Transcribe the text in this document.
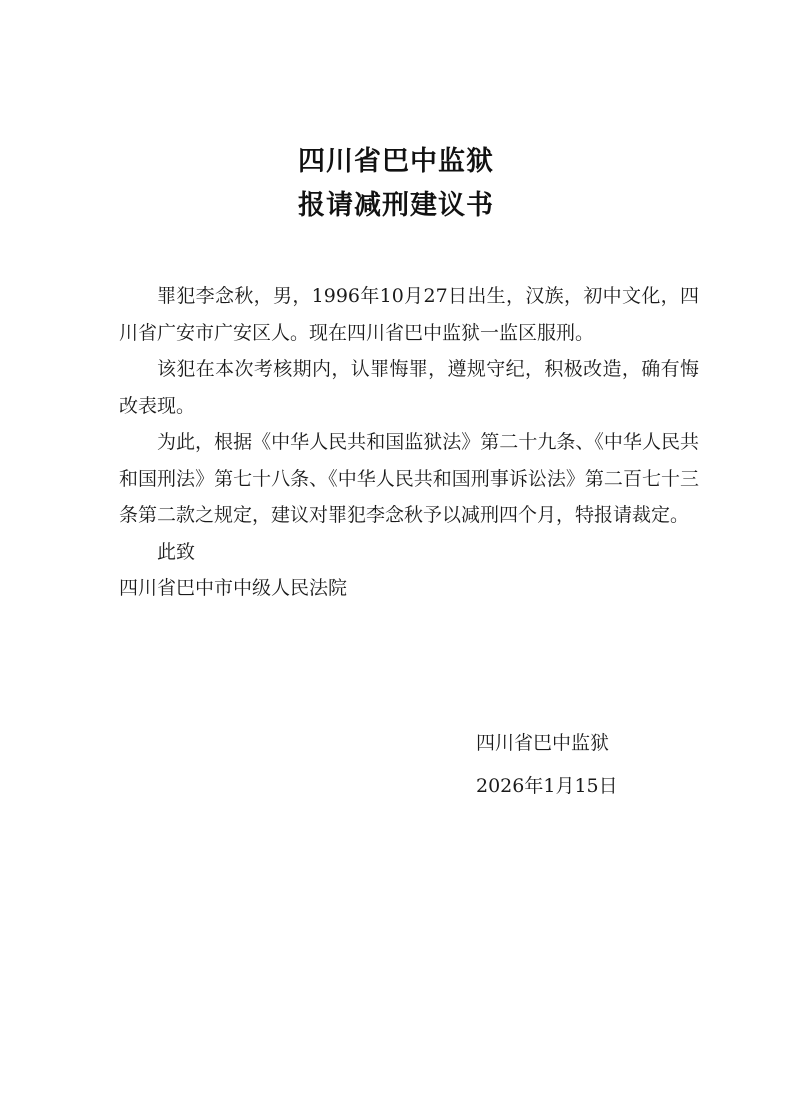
四川省巴中监狱
报请减刑建议书

罪犯李念秋，男，1996年10月27日出生，汉族，初中文化，四川省广安市广安区人。现在四川省巴中监狱一监区服刑。

该犯在本次考核期内，认罪悔罪，遵规守纪，积极改造，确有悔改表现。

为此，根据《中华人民共和国监狱法》第二十九条、《中华人民共和国刑法》第七十八条、《中华人民共和国刑事诉讼法》第二百七十三条第二款之规定，建议对罪犯李念秋予以减刑四个月，特报请裁定。

此致

四川省巴中市中级人民法院

四川省巴中监狱
2026年1月15日
